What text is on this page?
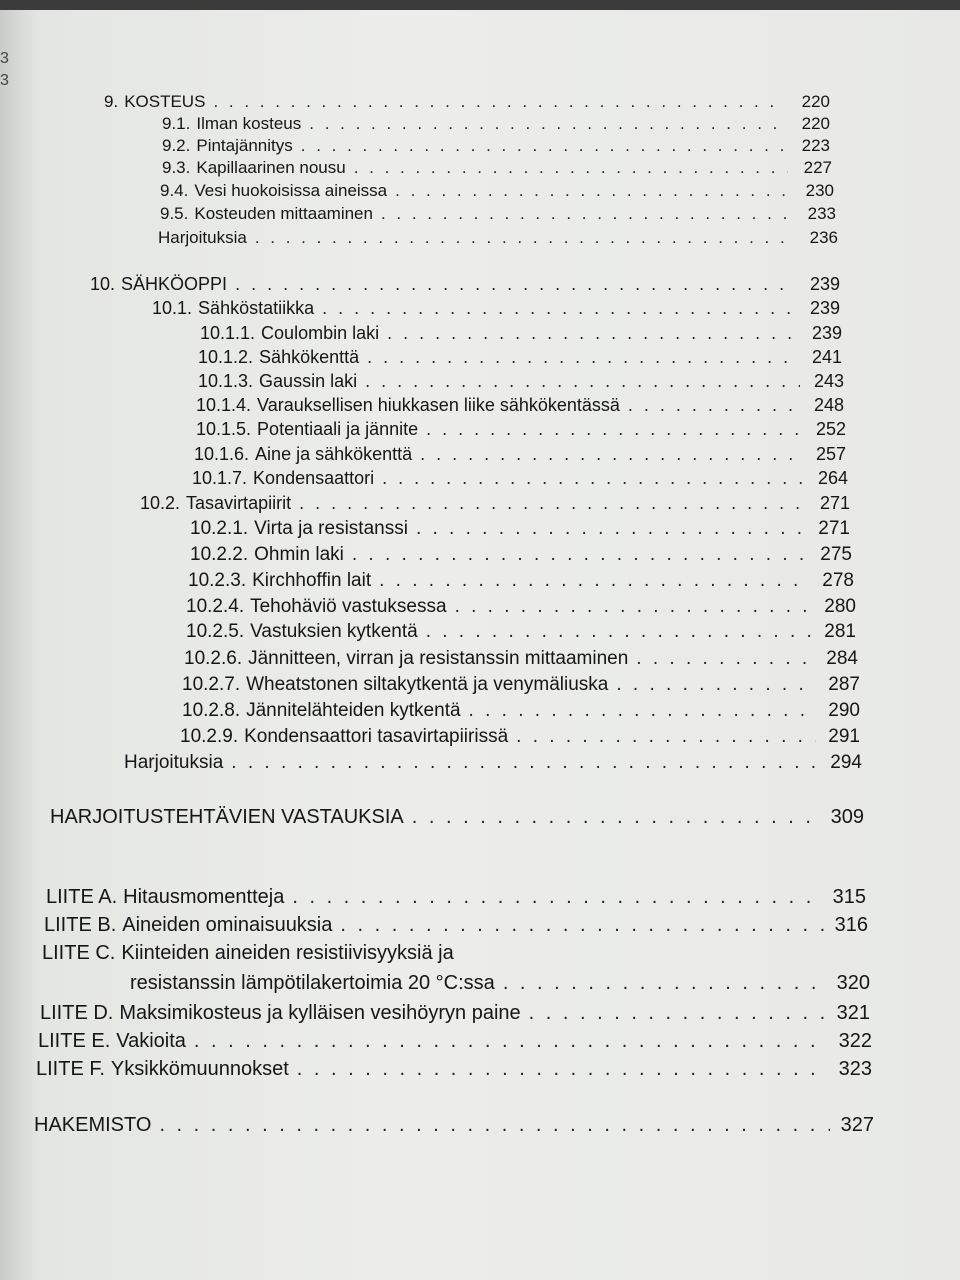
3
3
9. KOSTEUS . . .	220
9.1. Ilman kosteus . . .	220
9.2. Pintajännitys . . .	223
9.3. Kapillaarinen nousu . . .	227
9.4. Vesi huokoisissa aineissa . . .	230
9.5. Kosteuden mittaaminen . . .	233
Harjoituksia . . .	236
10. SÄHKÖOPPI . . .	239
10.1. Sähköstatiikka . . .	239
10.1.1. Coulombin laki . . .	239
10.1.2. Sähkökenttä . . .	241
10.1.3. Gaussin laki . . .	243
10.1.4. Varauksellisen hiukkasen liike sähkökentässä . . .	248
10.1.5. Potentiaali ja jännite . . .	252
10.1.6. Aine ja sähkökenttä . . .	257
10.1.7. Kondensaattori . . .	264
10.2. Tasavirtapiirit . . .	271
10.2.1. Virta ja resistanssi . . .	271
10.2.2. Ohmin laki . . .	275
10.2.3. Kirchhoffin lait . . .	278
10.2.4. Tehohäviö vastuksessa . . .	280
10.2.5. Vastuksien kytkentä . . .	281
10.2.6. Jännitteen, virran ja resistanssin mittaaminen . . .	284
10.2.7. Wheatstonen siltakytkentä ja venymäliuska . . .	287
10.2.8. Jännitelähteiden kytkentä . . .	290
10.2.9. Kondensaattori tasavirtapiirissä . . .	291
Harjoituksia . . .	294
HARJOITUSTEHTÄVIEN VASTAUKSIA . . .	309
LIITE A. Hitausmomentteja . . .	315
LIITE B. Aineiden ominaisuuksia . . .	316
LIITE C. Kiinteiden aineiden resistiivisyyksiä ja
resistanssin lämpötilakertoimia 20 °C:ssa . . .	320
LIITE D. Maksimikosteus ja kylläisen vesihöyryn paine . . .	321
LIITE E. Vakioita . . .	322
LIITE F. Yksikkömuunnokset . . .	323
HAKEMISTO . . .	327
